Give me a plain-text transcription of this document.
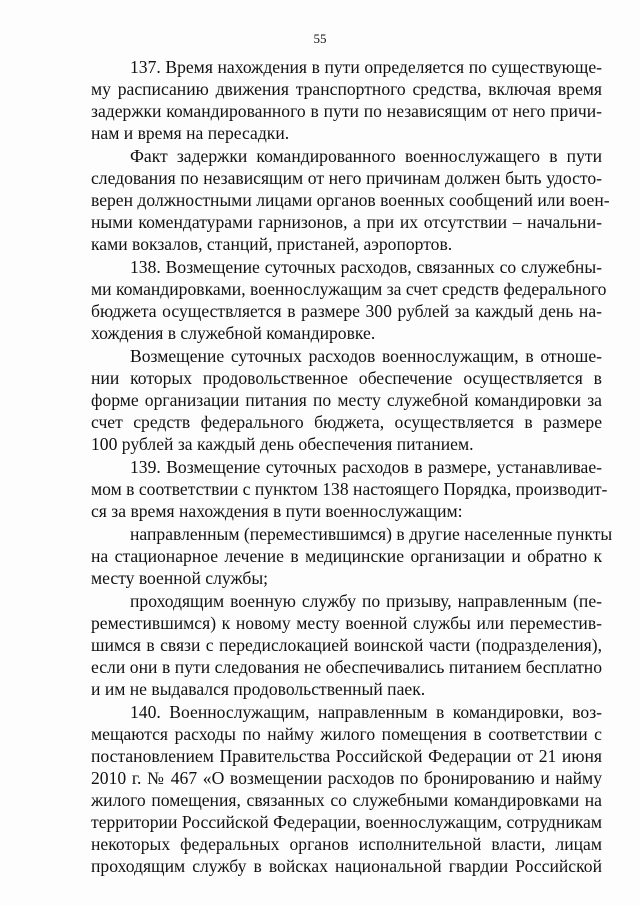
55
137. Время нахождения в пути определяется по существующе-
му расписанию движения транспортного средства, включая время
задержки командированного в пути по независящим от него причи-
нам и время на пересадки.
Факт задержки командированного военнослужащего в пути
следования по независящим от него причинам должен быть удосто-
верен должностными лицами органов военных сообщений или воен-
ными комендатурами гарнизонов, а при их отсутствии – начальни-
ками вокзалов, станций, пристаней, аэропортов.
138. Возмещение суточных расходов, связанных со служебны-
ми командировками, военнослужащим за счет средств федерального
бюджета осуществляется в размере 300 рублей за каждый день на-
хождения в служебной командировке.
Возмещение суточных расходов военнослужащим, в отноше-
нии которых продовольственное обеспечение осуществляется в
форме организации питания по месту служебной командировки за
счет средств федерального бюджета, осуществляется в размере
100 рублей за каждый день обеспечения питанием.
139. Возмещение суточных расходов в размере, устанавливае-
мом в соответствии с пунктом 138 настоящего Порядка, производит-
ся за время нахождения в пути военнослужащим:
направленным (переместившимся) в другие населенные пункты
на стационарное лечение в медицинские организации и обратно к
месту военной службы;
проходящим военную службу по призыву, направленным (пе-
реместившимся) к новому месту военной службы или переместив-
шимся в связи с передислокацией воинской части (подразделения),
если они в пути следования не обеспечивались питанием бесплатно
и им не выдавался продовольственный паек.
140. Военнослужащим, направленным в командировки, воз-
мещаются расходы по найму жилого помещения в соответствии с
постановлением Правительства Российской Федерации от 21 июня
2010 г. № 467 «О возмещении расходов по бронированию и найму
жилого помещения, связанных со служебными командировками на
территории Российской Федерации, военнослужащим, сотрудникам
некоторых федеральных органов исполнительной власти, лицам
проходящим службу в войсках национальной гвардии Российской
